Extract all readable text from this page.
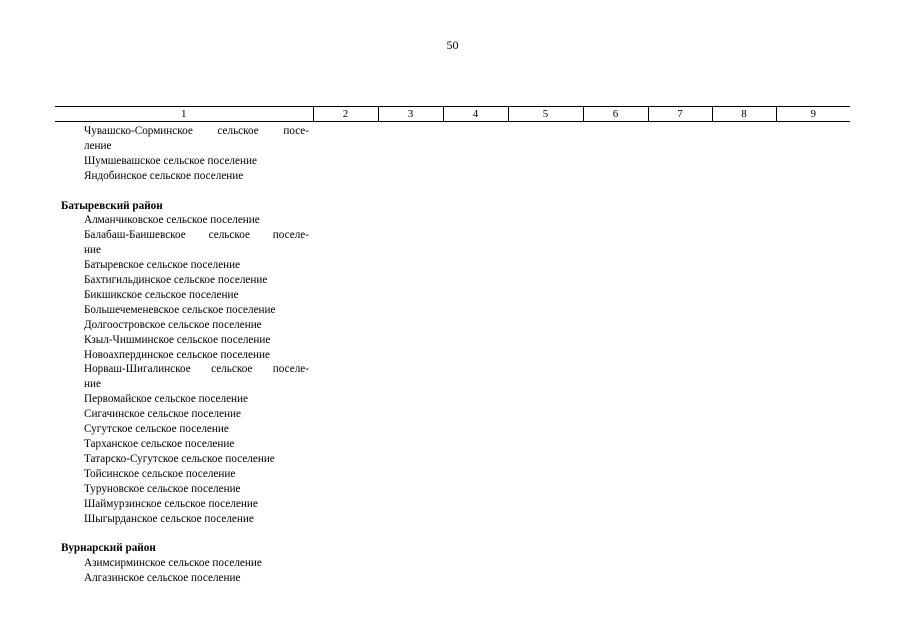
50
1	2	3	4	5	6	7	8	9
Чувашско-Сорминское сельское посе-
ление
Шумшевашское сельское поселение
Яндобинское сельское поселение
Батыревский район
Алманчиковское сельское поселение
Балабаш-Баишевское сельское поселе-
ние
Батыревское сельское поселение
Бахтигильдинское сельское поселение
Бикшикское сельское поселение
Большечеменевское сельское поселение
Долгоостровское сельское поселение
Кзыл-Чишминское сельское поселение
Новоахпердинское сельское поселение
Норваш-Шигалинское сельское поселе-
ние
Первомайское сельское поселение
Сигачинское сельское поселение
Сугутское сельское поселение
Тарханское сельское поселение
Татарско-Сугутское сельское поселение
Тойсинское сельское поселение
Туруновское сельское поселение
Шаймурзинское сельское поселение
Шыгырданское сельское поселение
Вурнарский район
Азимсирминское сельское поселение
Алгазинское сельское поселение
